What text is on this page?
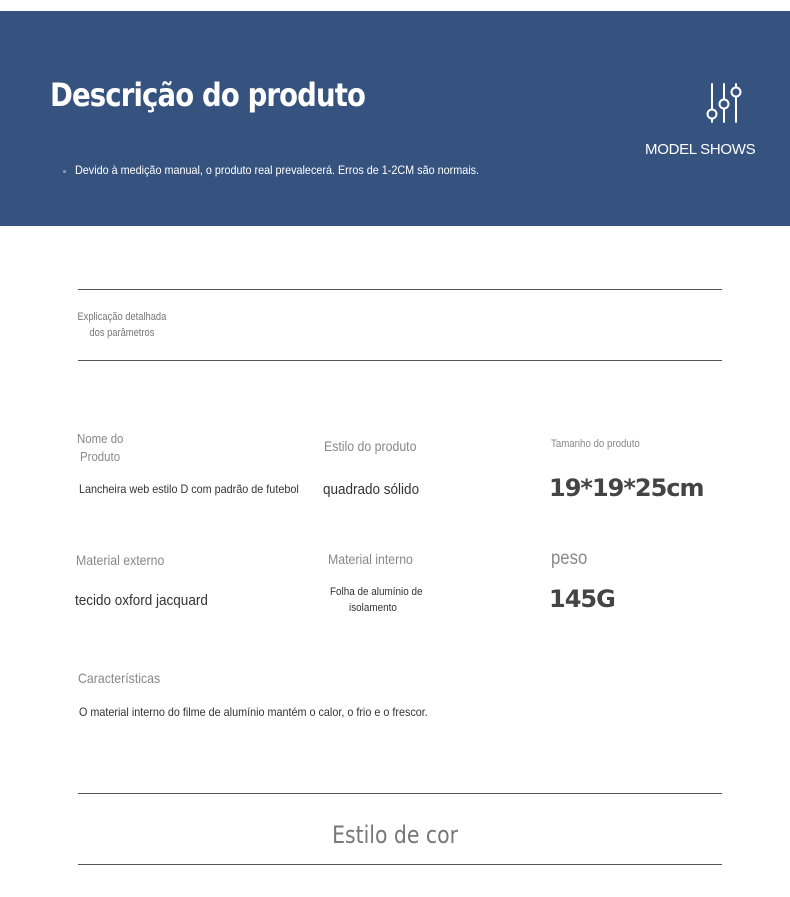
Descrição do produto
Devido à medição manual, o produto real prevalecerá. Erros de 1-2CM são normais.
MODEL SHOWS
Explicação detalhada dos parâmetros
Nome do
Produto
Lancheira web estilo D com padrão de futebol
Estilo do produto
quadrado sólido
Tamanho do produto
19*19*25cm
Material externo
tecido oxford jacquard
Material interno
Folha de alumínio de
isolamento
peso
145G
Características
O material interno do filme de alumínio mantém o calor, o frio e o frescor.
Estilo de cor
